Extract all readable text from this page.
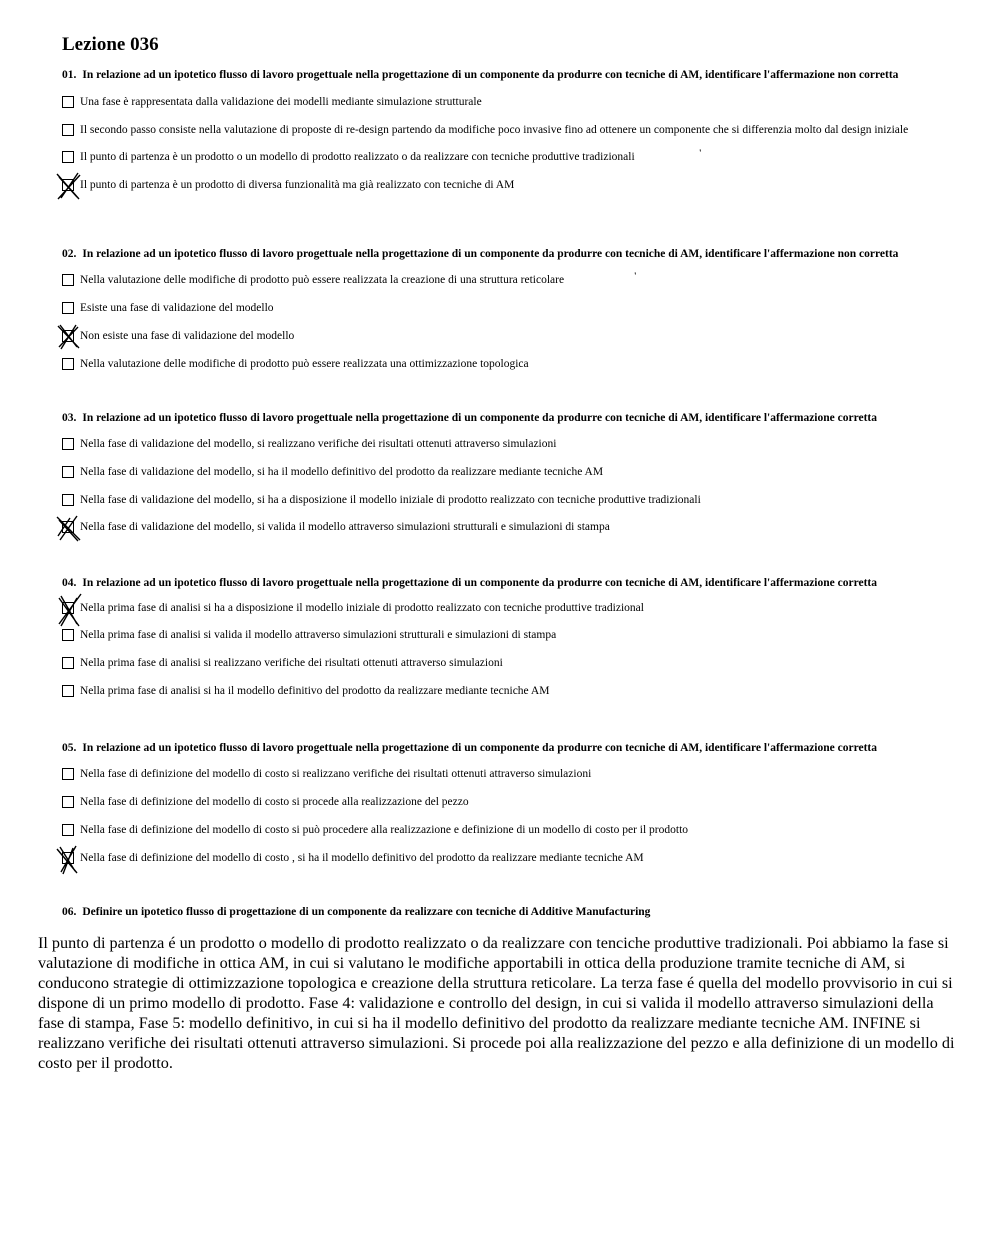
Lezione 036

01. In relazione ad un ipotetico flusso di lavoro progettuale nella progettazione di un componente da produrre con tecniche di AM, identificare l'affermazione non corretta

Una fase è rappresentata dalla validazione dei modelli mediante simulazione strutturale
Il secondo passo consiste nella valutazione di proposte di re-design partendo da modifiche poco invasive fino ad ottenere un componente che si differenzia molto dal design iniziale
Il punto di partenza è un prodotto o un modello di prodotto realizzato o da realizzare con tecniche produttive tradizionali	'
Il punto di partenza è un prodotto di diversa funzionalità ma già realizzato con tecniche di AM

02. In relazione ad un ipotetico flusso di lavoro progettuale nella progettazione di un componente da produrre con tecniche di AM, identificare l'affermazione non corretta

Nella valutazione delle modifiche di prodotto può essere realizzata la creazione di una struttura reticolare	'
Esiste una fase di validazione del modello
Non esiste una fase di validazione del modello
Nella valutazione delle modifiche di prodotto può essere realizzata una ottimizzazione topologica

03. In relazione ad un ipotetico flusso di lavoro progettuale nella progettazione di un componente da produrre con tecniche di AM, identificare l'affermazione corretta

Nella fase di validazione del modello, si realizzano verifiche dei risultati ottenuti attraverso simulazioni
Nella fase di validazione del modello, si ha il modello definitivo del prodotto da realizzare mediante tecniche AM
Nella fase di validazione del modello, si ha a disposizione il modello iniziale di prodotto realizzato con tecniche produttive tradizionali
Nella fase di validazione del modello, si valida il modello attraverso simulazioni strutturali e simulazioni di stampa

04. In relazione ad un ipotetico flusso di lavoro progettuale nella progettazione di un componente da produrre con tecniche di AM, identificare l'affermazione corretta

Nella prima fase di analisi si ha a disposizione il modello iniziale di prodotto realizzato con tecniche produttive tradizional
Nella prima fase di analisi si valida il modello attraverso simulazioni strutturali e simulazioni di stampa
Nella prima fase di analisi si realizzano verifiche dei risultati ottenuti attraverso simulazioni
Nella prima fase di analisi si ha il modello definitivo del prodotto da realizzare mediante tecniche AM

05. In relazione ad un ipotetico flusso di lavoro progettuale nella progettazione di un componente da produrre con tecniche di AM, identificare l'affermazione corretta

Nella fase di definizione del modello di costo si realizzano verifiche dei risultati ottenuti attraverso simulazioni
Nella fase di definizione del modello di costo si procede alla realizzazione del pezzo
Nella fase di definizione del modello di costo si può procedere alla realizzazione e definizione di un modello di costo per il prodotto
Nella fase di definizione del modello di costo , si ha il modello definitivo del prodotto da realizzare mediante tecniche AM

06. Definire un ipotetico flusso di progettazione di un componente da realizzare con tecniche di Additive Manufacturing

Il punto di partenza é un prodotto o modello di prodotto realizzato o da realizzare con tenciche produttive tradizionali. Poi abbiamo la fase si valutazione di modifiche in ottica AM, in cui si valutano le modifiche apportabili in ottica della produzione tramite tecniche di AM, si conducono strategie di ottimizzazione topologica e creazione della struttura reticolare. La terza fase é quella del modello provvisorio in cui si dispone di un primo modello di prodotto. Fase 4: validazione e controllo del design, in cui si valida il modello attraverso simulazioni della fase di stampa, Fase 5: modello definitivo, in cui si ha il modello definitivo del prodotto da realizzare mediante tecniche AM. INFINE si realizzano verifiche dei risultati ottenuti attraverso simulazioni. Si procede poi alla realizzazione del pezzo e alla definizione di un modello di costo per il prodotto.
